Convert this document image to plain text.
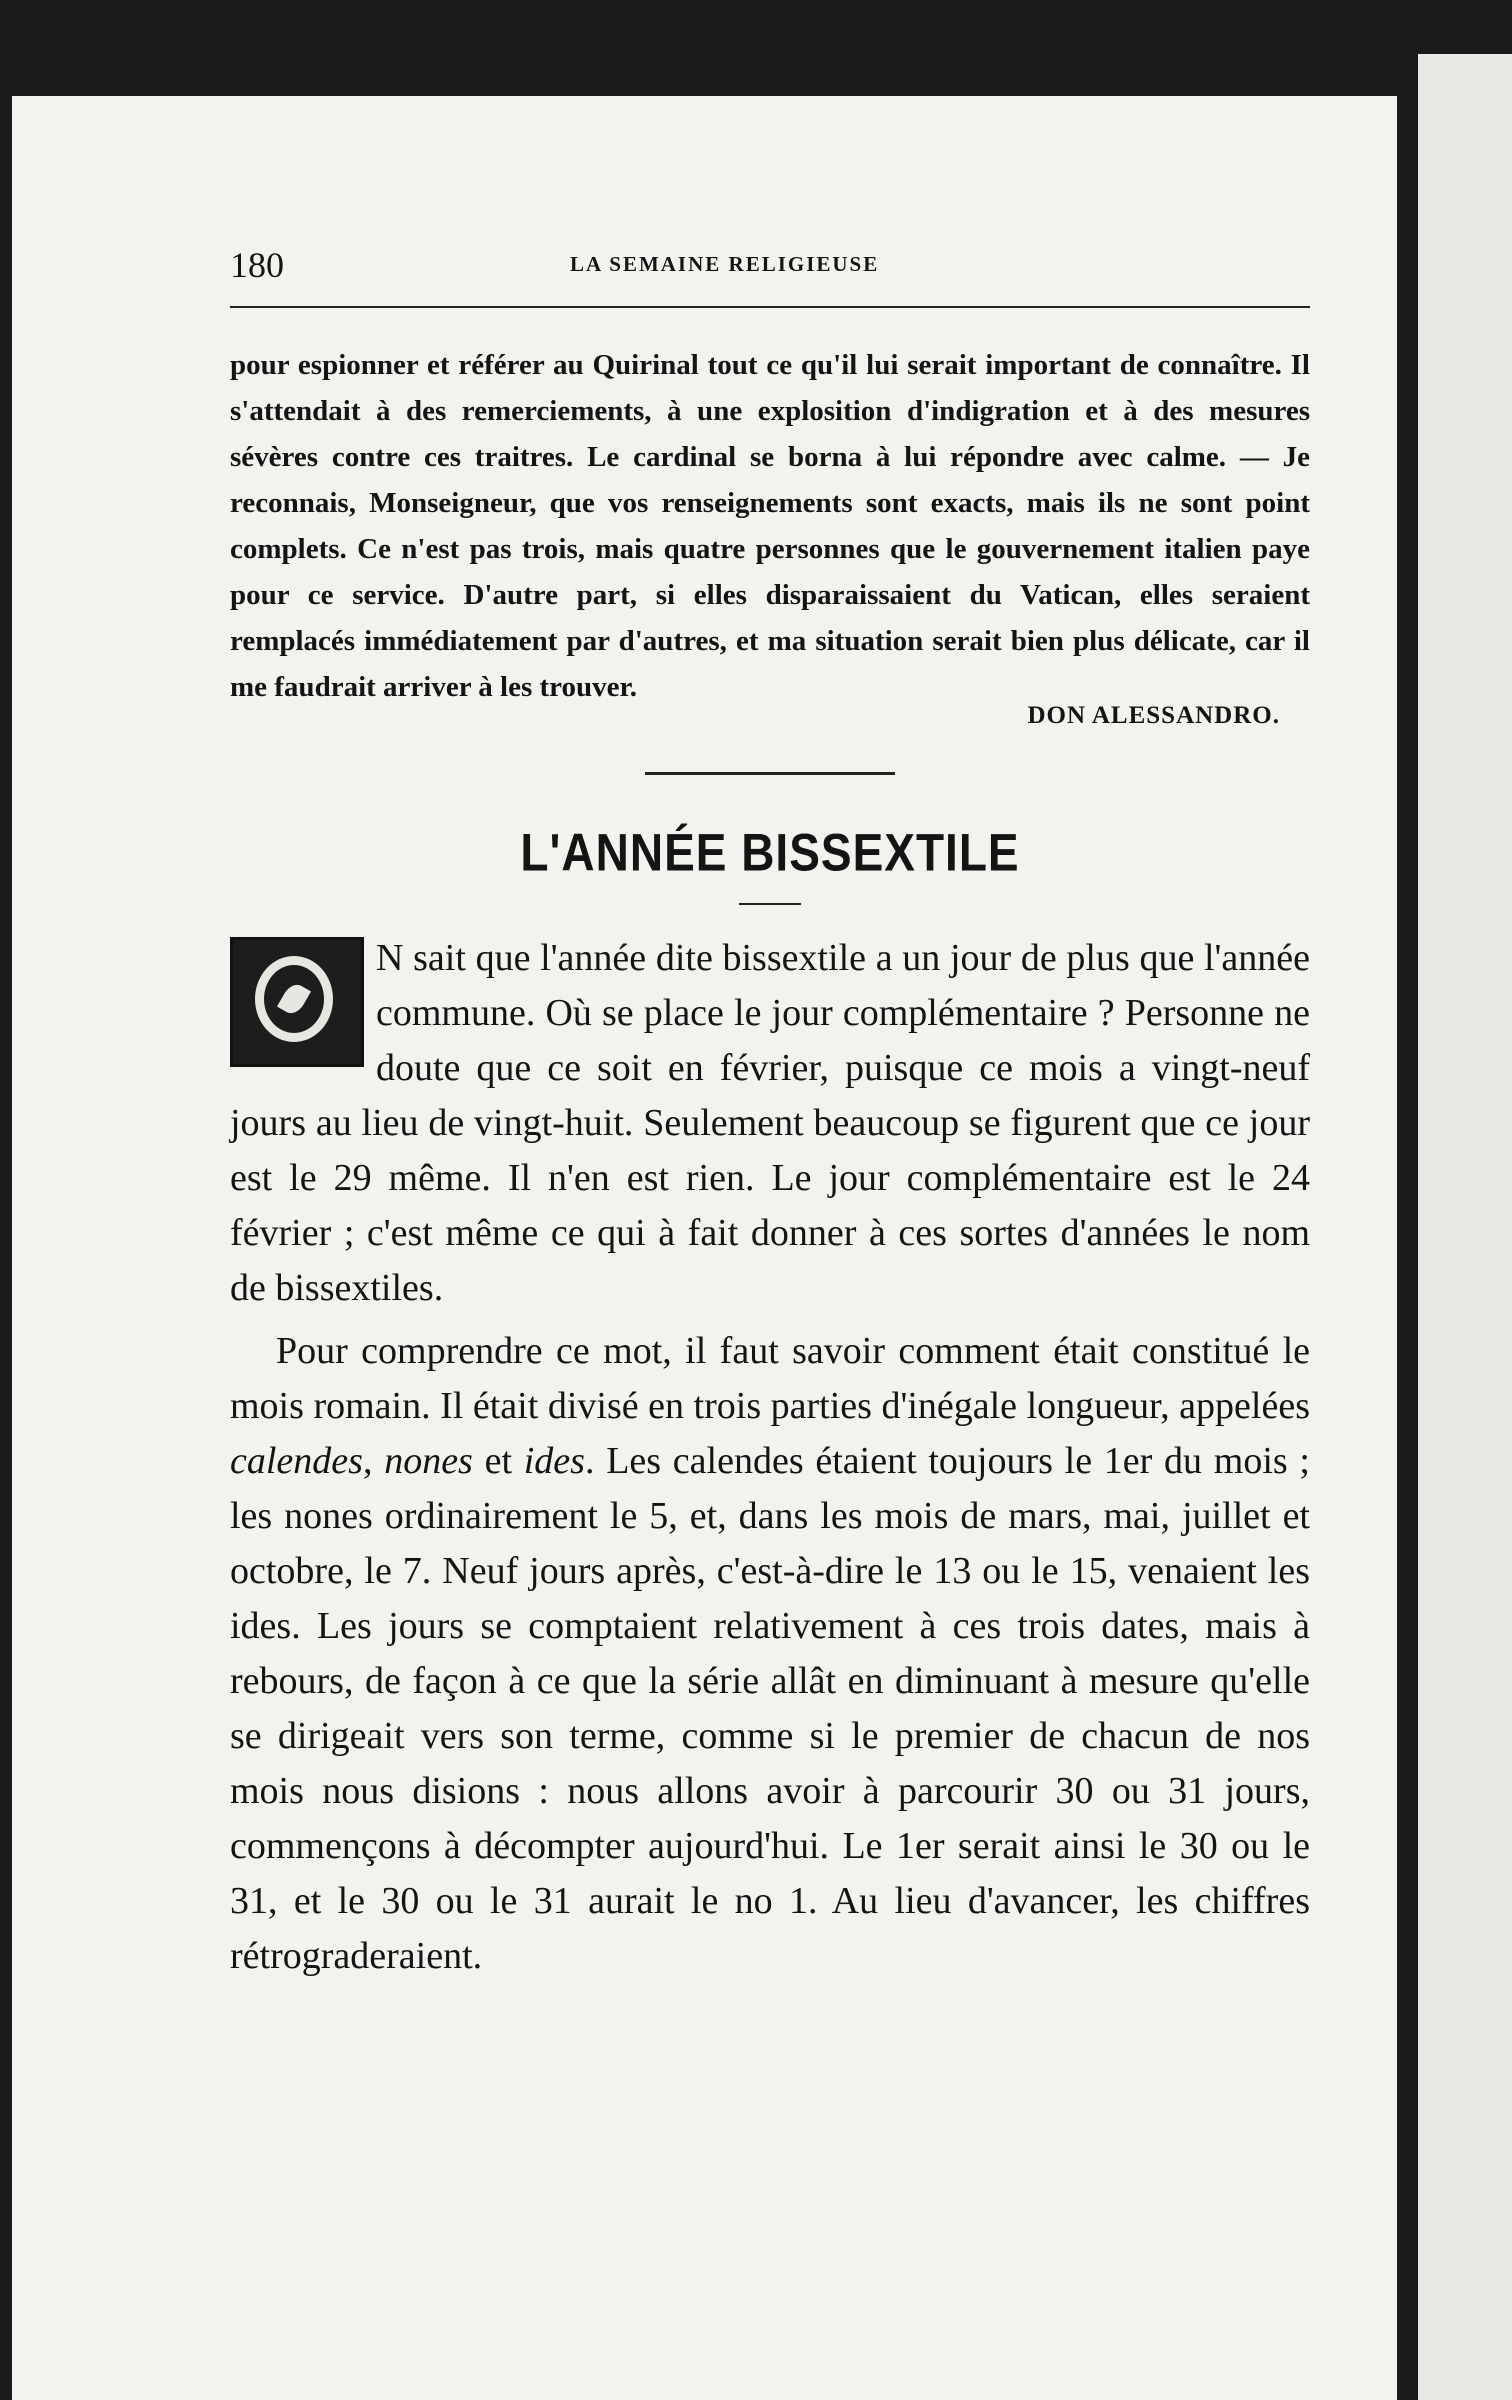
180	LA SEMAINE RELIGIEUSE

pour espionner et référer au Quirinal tout ce qu'il lui serait important de connaître. Il s'attendait à des remerciements, à une explosition d'indigration et à des mesures sévères contre ces traitres. Le cardinal se borna à lui répondre avec calme. — Je reconnais, Monseigneur, que vos renseignements sont exacts, mais ils ne sont point complets. Ce n'est pas trois, mais quatre personnes que le gouvernement italien paye pour ce service. D'autre part, si elles disparaissaient du Vatican, elles seraient remplacés immédiatement par d'autres, et ma situation serait bien plus délicate, car il me faudrait arriver à les trouver.

DON ALESSANDRO.
L'ANNÉE BISSEXTILE

N sait que l'année dite bissextile a un jour de plus que l'année commune. Où se place le jour complémentaire ? Personne ne doute que ce soit en février, puisque ce mois a vingt-neuf jours au lieu de vingt-huit. Seulement beaucoup se figurent que ce jour est le 29 même. Il n'en est rien. Le jour complémentaire est le 24 février ; c'est même ce qui à fait donner à ces sortes d'années le nom de bissextiles.

Pour comprendre ce mot, il faut savoir comment était constitué le mois romain. Il était divisé en trois parties d'inégale longueur, appelées calendes, nones et ides. Les calendes étaient toujours le 1er du mois ; les nones ordinairement le 5, et, dans les mois de mars, mai, juillet et octobre, le 7. Neuf jours après, c'est-à-dire le 13 ou le 15, venaient les ides. Les jours se comptaient relativement à ces trois dates, mais à rebours, de façon à ce que la série allât en diminuant à mesure qu'elle se dirigeait vers son terme, comme si le premier de chacun de nos mois nous disions : nous allons avoir à parcourir 30 ou 31 jours, commençons à décompter aujourd'hui. Le 1er serait ainsi le 30 ou le 31, et le 30 ou le 31 aurait le no 1. Au lieu d'avancer, les chiffres rétrograderaient.
